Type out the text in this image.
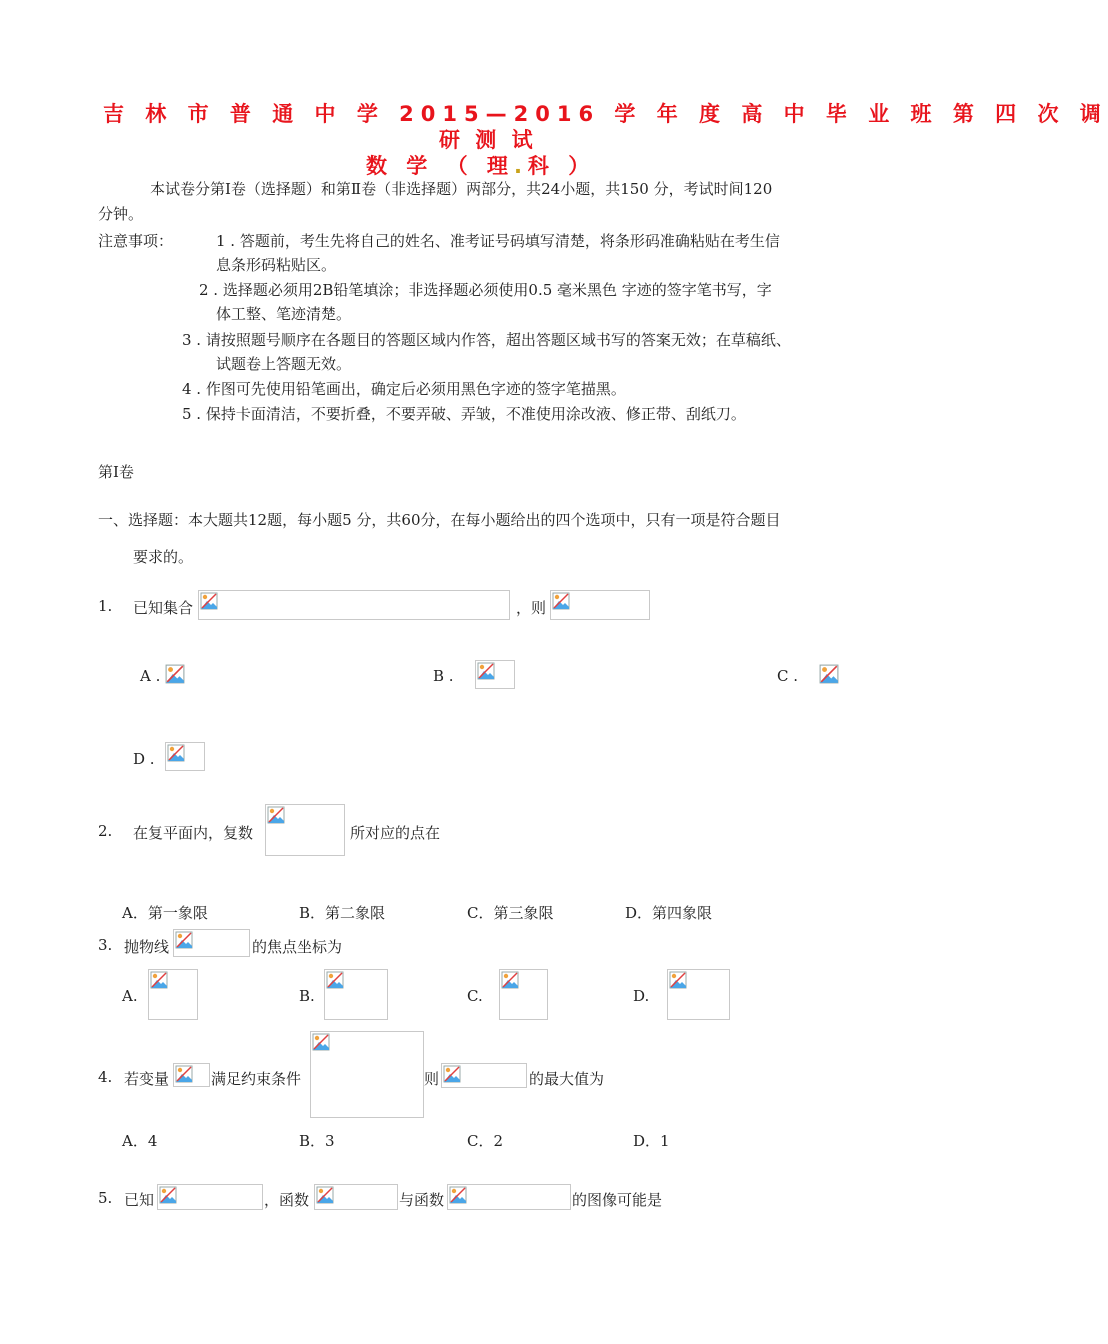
吉 林 市 普 通 中 学 2015—2016 学 年 度 高 中 毕 业 班 第 四 次 调
研 测 试
数 学 （ 理.科 ）
本试卷分第Ⅰ卷（选择题）和第Ⅱ卷（非选择题）两部分，共24小题，共150 分，考试时间120
分钟。
注意事项：	1 . 答题前，考生先将自己的姓名、准考证号码填写清楚，将条形码准确粘贴在考生信
息条形码粘贴区。
2 . 选择题必须用2B铅笔填涂；非选择题必须使用0.5 毫米黑色 字迹的签字笔书写，字
体工整、笔迹清楚。
3 . 请按照题号顺序在各题目的答题区域内作答，超出答题区域书写的答案无效；在草稿纸、
试题卷上答题无效。
4 . 作图可先使用铅笔画出，确定后必须用黑色字迹的签字笔描黑。
5 . 保持卡面清洁，不要折叠，不要弄破、弄皱，不准使用涂改液、修正带、刮纸刀。
第Ⅰ卷
一、选择题：本大题共12题，每小题5 分，共60分，在每小题给出的四个选项中，只有一项是符合题目
要求的。
1. 已知集合	，则
A .	B .	C .
D .
2. 在复平面内，复数	所对应的点在
A．第一象限	B．第二象限	C．第三象限	D．第四象限
3. 抛物线	的焦点坐标为
A.	B.	C.	D.
4. 若变量	满足约束条件	则	的最大值为
A．4	B．3	C．2	D．1
5. 已知	，函数	与函数	的图像可能是
